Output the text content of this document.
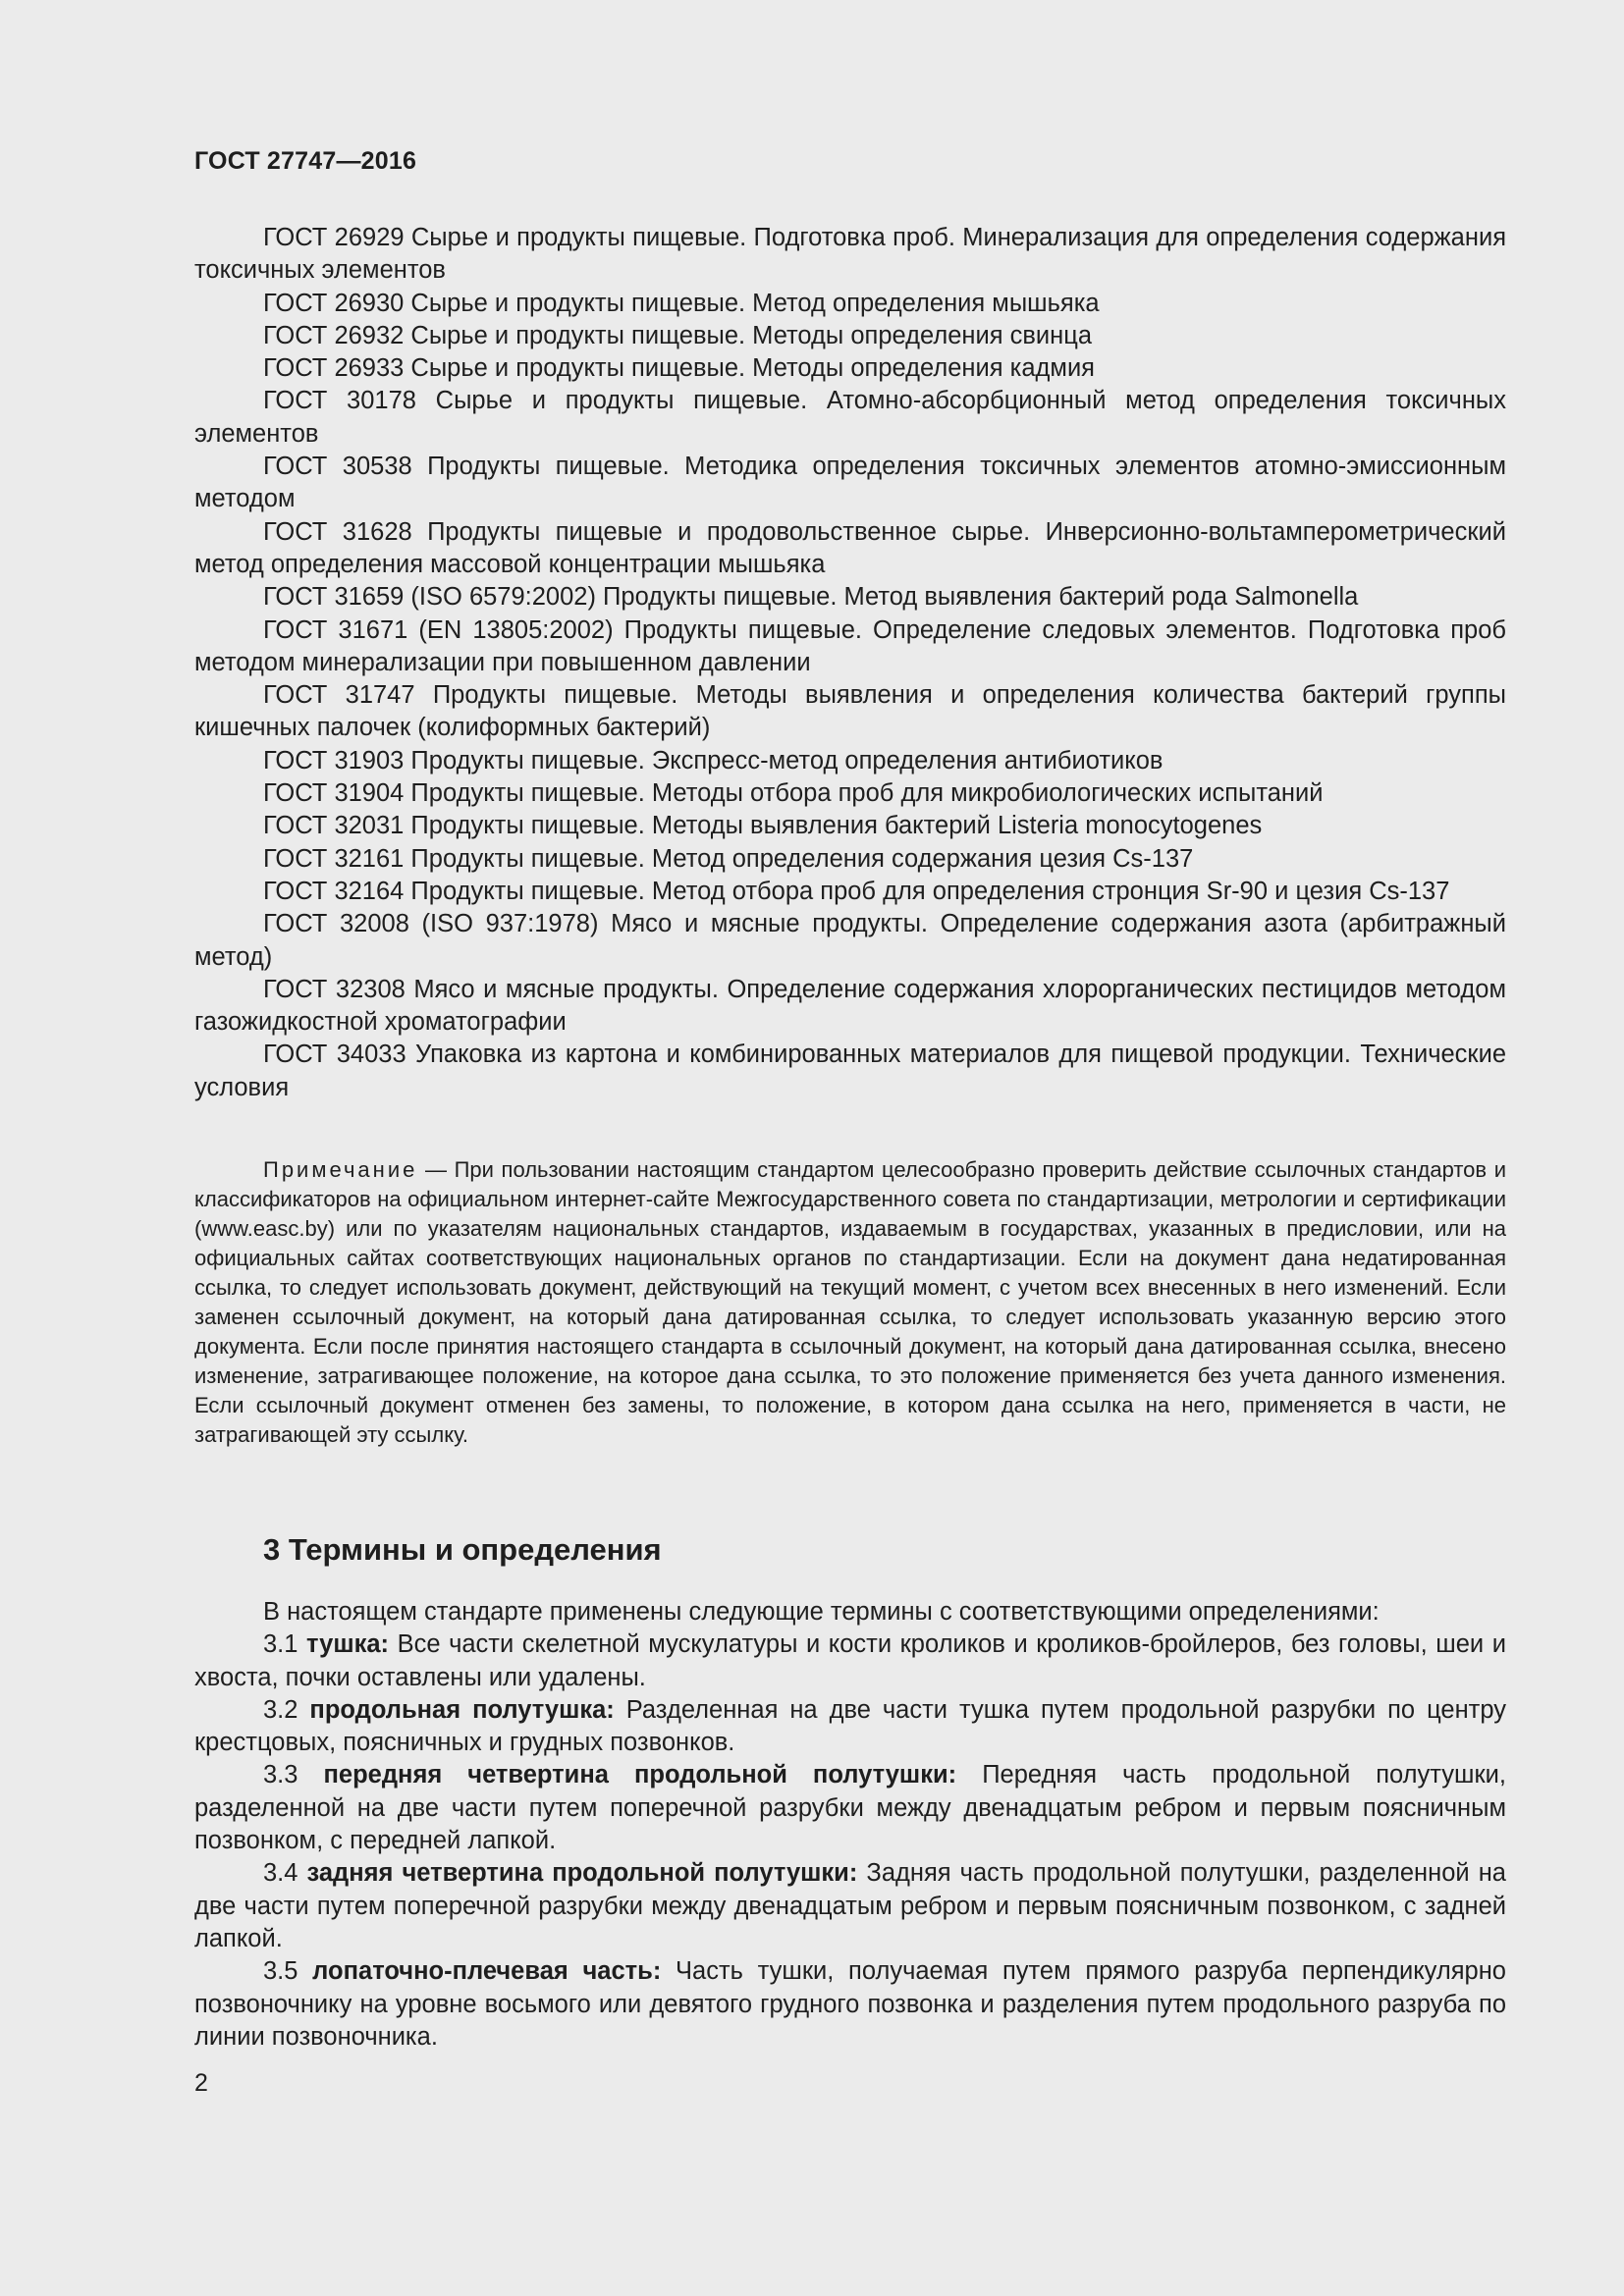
ГОСТ 27747—2016

ГОСТ 26929 Сырье и продукты пищевые. Подготовка проб. Минерализация для определения содержания токсичных элементов

ГОСТ 26930 Сырье и продукты пищевые. Метод определения мышьяка

ГОСТ 26932 Сырье и продукты пищевые. Методы определения свинца

ГОСТ 26933 Сырье и продукты пищевые. Методы определения кадмия

ГОСТ 30178 Сырье и продукты пищевые. Атомно-абсорбционный метод определения токсичных элементов

ГОСТ 30538 Продукты пищевые. Методика определения токсичных элементов атомно-эмиссионным методом

ГОСТ 31628 Продукты пищевые и продовольственное сырье. Инверсионно-вольтамперометрический метод определения массовой концентрации мышьяка

ГОСТ 31659 (ISO 6579:2002) Продукты пищевые. Метод выявления бактерий рода Salmonella

ГОСТ 31671 (EN 13805:2002) Продукты пищевые. Определение следовых элементов. Подготовка проб методом минерализации при повышенном давлении

ГОСТ 31747 Продукты пищевые. Методы выявления и определения количества бактерий группы кишечных палочек (колиформных бактерий)

ГОСТ 31903 Продукты пищевые. Экспресс-метод определения антибиотиков

ГОСТ 31904 Продукты пищевые. Методы отбора проб для микробиологических испытаний

ГОСТ 32031 Продукты пищевые. Методы выявления бактерий Listeria monocytogenes

ГОСТ 32161 Продукты пищевые. Метод определения содержания цезия Cs-137

ГОСТ 32164 Продукты пищевые. Метод отбора проб для определения стронция Sr-90 и цезия Cs-137

ГОСТ 32008 (ISO 937:1978) Мясо и мясные продукты. Определение содержания азота (арбитражный метод)

ГОСТ 32308 Мясо и мясные продукты. Определение содержания хлорорганических пестицидов методом газожидкостной хроматографии

ГОСТ 34033 Упаковка из картона и комбинированных материалов для пищевой продукции. Технические условия

Примечание — При пользовании настоящим стандартом целесообразно проверить действие ссылочных стандартов и классификаторов на официальном интернет-сайте Межгосударственного совета по стандартизации, метрологии и сертификации (www.easc.by) или по указателям национальных стандартов, издаваемым в государствах, указанных в предисловии, или на официальных сайтах соответствующих национальных органов по стандартизации. Если на документ дана недатированная ссылка, то следует использовать документ, действующий на текущий момент, с учетом всех внесенных в него изменений. Если заменен ссылочный документ, на который дана датированная ссылка, то следует использовать указанную версию этого документа. Если после принятия настоящего стандарта в ссылочный документ, на который дана датированная ссылка, внесено изменение, затрагивающее положение, на которое дана ссылка, то это положение применяется без учета данного изменения. Если ссылочный документ отменен без замены, то положение, в котором дана ссылка на него, применяется в части, не затрагивающей эту ссылку.

3 Термины и определения

В настоящем стандарте применены следующие термины с соответствующими определениями:

3.1 тушка: Все части скелетной мускулатуры и кости кроликов и кроликов-бройлеров, без головы, шеи и хвоста, почки оставлены или удалены.

3.2 продольная полутушка: Разделенная на две части тушка путем продольной разрубки по центру крестцовых, поясничных и грудных позвонков.

3.3 передняя четвертина продольной полутушки: Передняя часть продольной полутушки, разделенной на две части путем поперечной разрубки между двенадцатым ребром и первым поясничным позвонком, с передней лапкой.

3.4 задняя четвертина продольной полутушки: Задняя часть продольной полутушки, разделенной на две части путем поперечной разрубки между двенадцатым ребром и первым поясничным позвонком, с задней лапкой.

3.5 лопаточно-плечевая часть: Часть тушки, получаемая путем прямого разруба перпендикулярно позвоночнику на уровне восьмого или девятого грудного позвонка и разделения путем продольного разруба по линии позвоночника.

2
